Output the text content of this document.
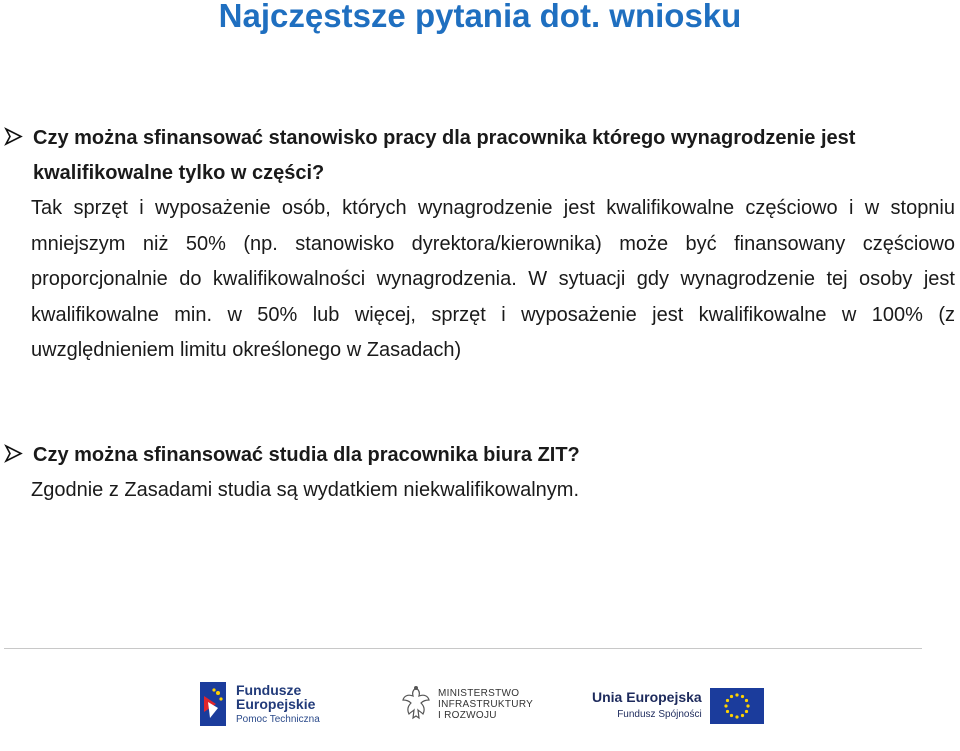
Najczęstsze pytania dot. wniosku

Czy można sfinansować stanowisko pracy dla pracownika którego wynagrodzenie jest kwalifikowalne tylko w części?

Tak sprzęt i wyposażenie osób, których wynagrodzenie jest kwalifikowalne częściowo i w stopniu mniejszym niż 50% (np. stanowisko dyrektora/kierownika) może być finansowany częściowo proporcjonalnie do kwalifikowalności wynagrodzenia. W sytuacji gdy wynagrodzenie tej osoby jest kwalifikowalne min. w 50% lub więcej, sprzęt i wyposażenie jest kwalifikowalne w 100% (z uwzględnieniem limitu określonego w Zasadach)

Czy można sfinansować studia dla pracownika biura ZIT?

Zgodnie z Zasadami studia są wydatkiem niekwalifikowalnym.

Fundusze
Europejskie
Pomoc Techniczna
MINISTERSTWO
INFRASTRUKTURY
I ROZWOJU
Unia Europejska
Fundusz Spójności
